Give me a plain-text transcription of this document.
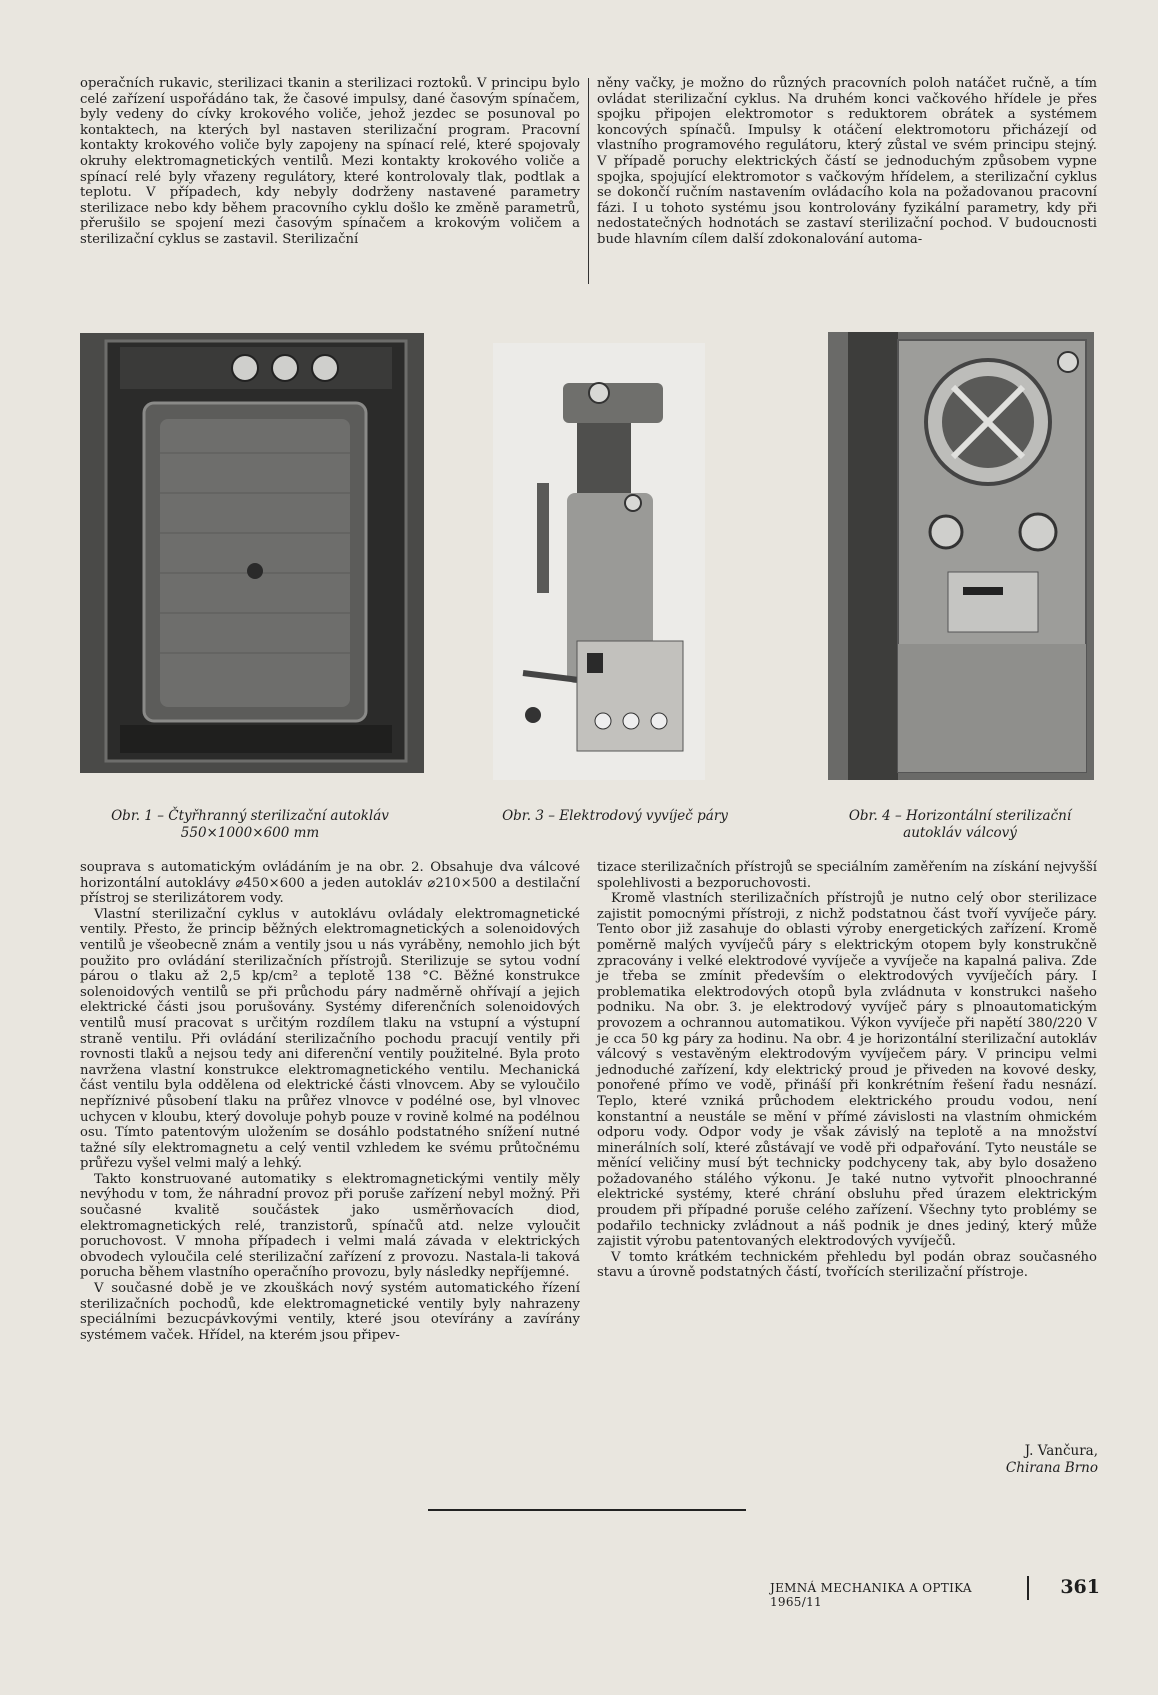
operačních rukavic, sterilizaci tkanin a sterilizaci roztoků. V principu bylo celé zařízení uspořádáno tak, že časové impulsy, dané časovým spínačem, byly vedeny do cívky krokového voliče, jehož jezdec se posunoval po kontaktech, na kterých byl nastaven sterilizační program. Pracovní kontakty krokového voliče byly zapojeny na spínací relé, které spojovaly okruhy elektromagnetických ventilů. Mezi kontakty krokového voliče a spínací relé byly vřazeny regulátory, které kontrolovaly tlak, podtlak a teplotu. V případech, kdy nebyly dodrženy nastavené parametry sterilizace nebo kdy během pracovního cyklu došlo ke změně parametrů, přerušilo se spojení mezi časovým spínačem a krokovým voličem a sterilizační cyklus se zastavil. Sterilizační

něny vačky, je možno do různých pracovních poloh natáčet ručně, a tím ovládat sterilizační cyklus. Na druhém konci vačkového hřídele je přes spojku připojen elektromotor s reduktorem obrátek a systémem koncových spínačů. Impulsy k otáčení elektromotoru přicházejí od vlastního programového regulátoru, který zůstal ve svém principu stejný. V případě poruchy elektrických částí se jednoduchým způsobem vypne spojka, spojující elektromotor s vačkovým hřídelem, a sterilizační cyklus se dokončí ručním nastavením ovládacího kola na požadovanou pracovní fázi. I u tohoto systému jsou kontrolovány fyzikální parametry, kdy při nedostatečných hodnotách se zastaví sterilizační pochod. V budoucnosti bude hlavním cílem další zdokonalování automa-

Obr. 1 – Čtyřhranný sterilizační autokláv
550×1000×600 mm
Obr. 3 – Elektrodový vyvíječ páry	Obr. 4 – Horizontální sterilizační
autokláv válcový

souprava s automatickým ovládáním je na obr. 2. Obsahuje dva válcové horizontální autoklávy ⌀450×600 a jeden autokláv ⌀210×500 a destilační přístroj se sterilizátorem vody.

Vlastní sterilizační cyklus v autoklávu ovládaly elektromagnetické ventily. Přesto, že princip běžných elektromagnetických a solenoidových ventilů je všeobecně znám a ventily jsou u nás vyráběny, nemohlo jich být použito pro ovládání sterilizačních přístrojů. Sterilizuje se sytou vodní párou o tlaku až 2,5 kp/cm² a teplotě 138 °C. Běžné konstrukce solenoidových ventilů se při průchodu páry nadměrně ohřívají a jejich elektrické části jsou porušovány. Systémy diferenčních solenoidových ventilů musí pracovat s určitým rozdílem tlaku na vstupní a výstupní straně ventilu. Při ovládání sterilizačního pochodu pracují ventily při rovnosti tlaků a nejsou tedy ani diferenční ventily použitelné. Byla proto navržena vlastní konstrukce elektromagnetického ventilu. Mechanická část ventilu byla oddělena od elektrické části vlnovcem. Aby se vyloučilo nepříznivé působení tlaku na průřez vlnovce v podélné ose, byl vlnovec uchycen v kloubu, který dovoluje pohyb pouze v rovině kolmé na podélnou osu. Tímto patentovým uložením se dosáhlo podstatného snížení nutné tažné síly elektromagnetu a celý ventil vzhledem ke svému průtočnému průřezu vyšel velmi malý a lehký.

Takto konstruované automatiky s elektromagnetickými ventily měly nevýhodu v tom, že náhradní provoz při poruše zařízení nebyl možný. Při současné kvalitě součástek jako usměrňovacích diod, elektromagnetických relé, tranzistorů, spínačů atd. nelze vyloučit poruchovost. V mnoha případech i velmi malá závada v elektrických obvodech vyloučila celé sterilizační zařízení z provozu. Nastala-li taková porucha během vlastního operačního provozu, byly následky nepříjemné.

V současné době je ve zkouškách nový systém automatického řízení sterilizačních pochodů, kde elektromagnetické ventily byly nahrazeny speciálními bezucpávkovými ventily, které jsou otevírány a zavírány systémem vaček. Hřídel, na kterém jsou připev-

tizace sterilizačních přístrojů se speciálním zaměřením na získání nejvyšší spolehlivosti a bezporuchovosti.

Kromě vlastních sterilizačních přístrojů je nutno celý obor sterilizace zajistit pomocnými přístroji, z nichž podstatnou část tvoří vyvíječe páry. Tento obor již zasahuje do oblasti výroby energetických zařízení. Kromě poměrně malých vyvíječů páry s elektrickým otopem byly konstrukčně zpracovány i velké elektrodové vyvíječe a vyvíječe na kapalná paliva. Zde je třeba se zmínit především o elektrodových vyvíječích páry. I problematika elektrodových otopů byla zvládnuta v konstrukci našeho podniku. Na obr. 3. je elektrodový vyvíječ páry s plnoautomatickým provozem a ochrannou automatikou. Výkon vyvíječe při napětí 380/220 V je cca 50 kg páry za hodinu. Na obr. 4 je horizontální sterilizační autokláv válcový s vestavěným elektrodovým vyvíječem páry. V principu velmi jednoduché zařízení, kdy elektrický proud je přiveden na kovové desky, ponořené přímo ve vodě, přináší při konkrétním řešení řadu nesnází. Teplo, které vzniká průchodem elektrického proudu vodou, není konstantní a neustále se mění v přímé závislosti na vlastním ohmickém odporu vody. Odpor vody je však závislý na teplotě a na množství minerálních solí, které zůstávají ve vodě při odpařování. Tyto neustále se měnící veličiny musí být technicky podchyceny tak, aby bylo dosaženo požadovaného stálého výkonu. Je také nutno vytvořit plnoochranné elektrické systémy, které chrání obsluhu před úrazem elektrickým proudem při případné poruše celého zařízení. Všechny tyto problémy se podařilo technicky zvládnout a náš podnik je dnes jediný, který může zajistit výrobu patentovaných elektrodových vyvíječů.

V tomto krátkém technickém přehledu byl podán obraz současného stavu a úrovně podstatných částí, tvořících sterilizační přístroje.

J. Vančura,
Chirana Brno
JEMNÁ MECHANIKA A OPTIKA 1965/11
361
